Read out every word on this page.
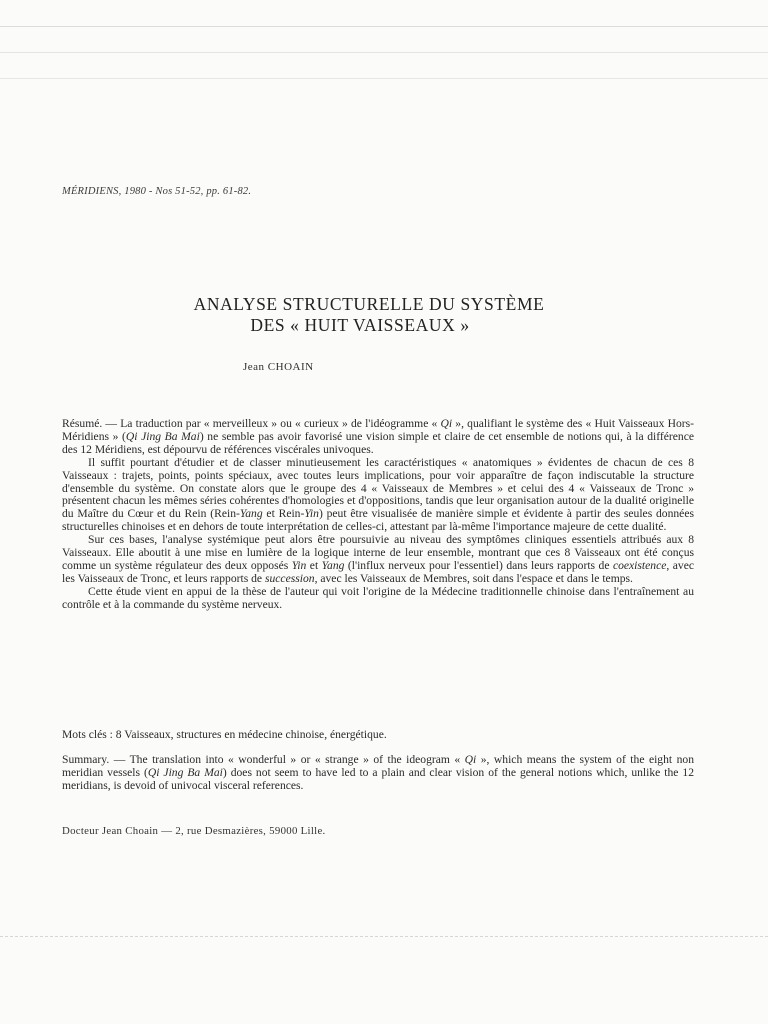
MÉRIDIENS, 1980 - Nos 51-52, pp. 61-82.
ANALYSE STRUCTURELLE DU SYSTÈME
DES « HUIT VAISSEAUX »
Jean CHOAIN

Résumé. — La traduction par « merveilleux » ou « curieux » de l'idéogramme « Qi », qualifiant le système des « Huit Vaisseaux Hors-Méridiens » (Qi Jing Ba Mai) ne semble pas avoir favorisé une vision simple et claire de cet ensemble de notions qui, à la différence des 12 Méridiens, est dépourvu de références viscérales univoques.

Il suffit pourtant d'étudier et de classer minutieusement les caractéristiques « anatomiques » évidentes de chacun de ces 8 Vaisseaux : trajets, points, points spéciaux, avec toutes leurs implications, pour voir apparaître de façon indiscutable la structure d'ensemble du système. On constate alors que le groupe des 4 « Vaisseaux de Membres » et celui des 4 « Vaisseaux de Tronc » présentent chacun les mêmes séries cohérentes d'homologies et d'oppositions, tandis que leur organisation autour de la dualité originelle du Maître du Cœur et du Rein (Rein-Yang et Rein-Yin) peut être visualisée de manière simple et évidente à partir des seules données structurelles chinoises et en dehors de toute interprétation de celles-ci, attestant par là-même l'importance majeure de cette dualité.

Sur ces bases, l'analyse systémique peut alors être poursuivie au niveau des symptômes cliniques essentiels attribués aux 8 Vaisseaux. Elle aboutit à une mise en lumière de la logique interne de leur ensemble, montrant que ces 8 Vaisseaux ont été conçus comme un système régulateur des deux opposés Yin et Yang (l'influx nerveux pour l'essentiel) dans leurs rapports de coexistence, avec les Vaisseaux de Tronc, et leurs rapports de succession, avec les Vaisseaux de Membres, soit dans l'espace et dans le temps.

Cette étude vient en appui de la thèse de l'auteur qui voit l'origine de la Médecine traditionnelle chinoise dans l'entraînement au contrôle et à la commande du système nerveux.

Mots clés : 8 Vaisseaux, structures en médecine chinoise, énergétique.

Summary. — The translation into « wonderful » or « strange » of the ideogram « Qi », which means the system of the eight non meridian vessels (Qi Jing Ba Mai) does not seem to have led to a plain and clear vision of the general notions which, unlike the 12 meridians, is devoid of univocal visceral references.

Docteur Jean Choain — 2, rue Desmazières, 59000 Lille.
